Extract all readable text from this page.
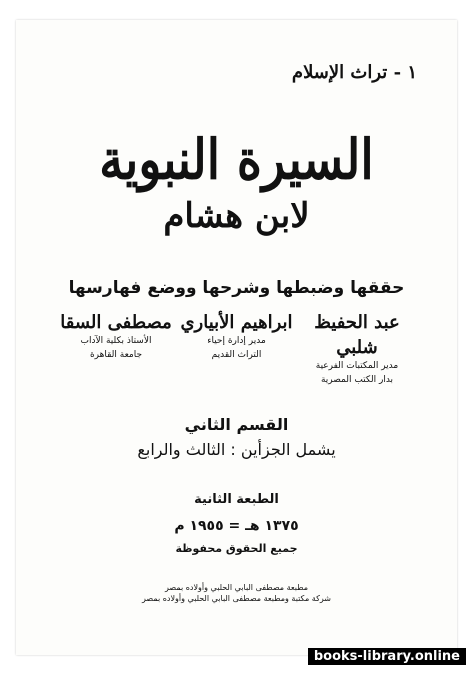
١ - تراث الإسلام
السيرة النبوية
لابن هشام
حققها وضبطها وشرحها ووضع فهارسها
مصطفى السقا
الأستاذ بكلية الآداب
جامعة القاهرة
ابراهيم الأبياري
مدير إدارة إحياء
التراث القديم
عبد الحفيظ شلبي
مدير المكتبات الفرعية
بدار الكتب المصرية
القسم الثاني
يشمل الجزأين : الثالث والرابع
الطبعة الثانية
١٣٧٥ هـ = ١٩٥٥ م
جميع الحقوق محفوظة
مطبعة مصطفى البابي الحلبي وأولاده بمصر
شركة مكتبة ومطبعة مصطفى البابي الحلبي وأولاده بمصر
books-library.online
